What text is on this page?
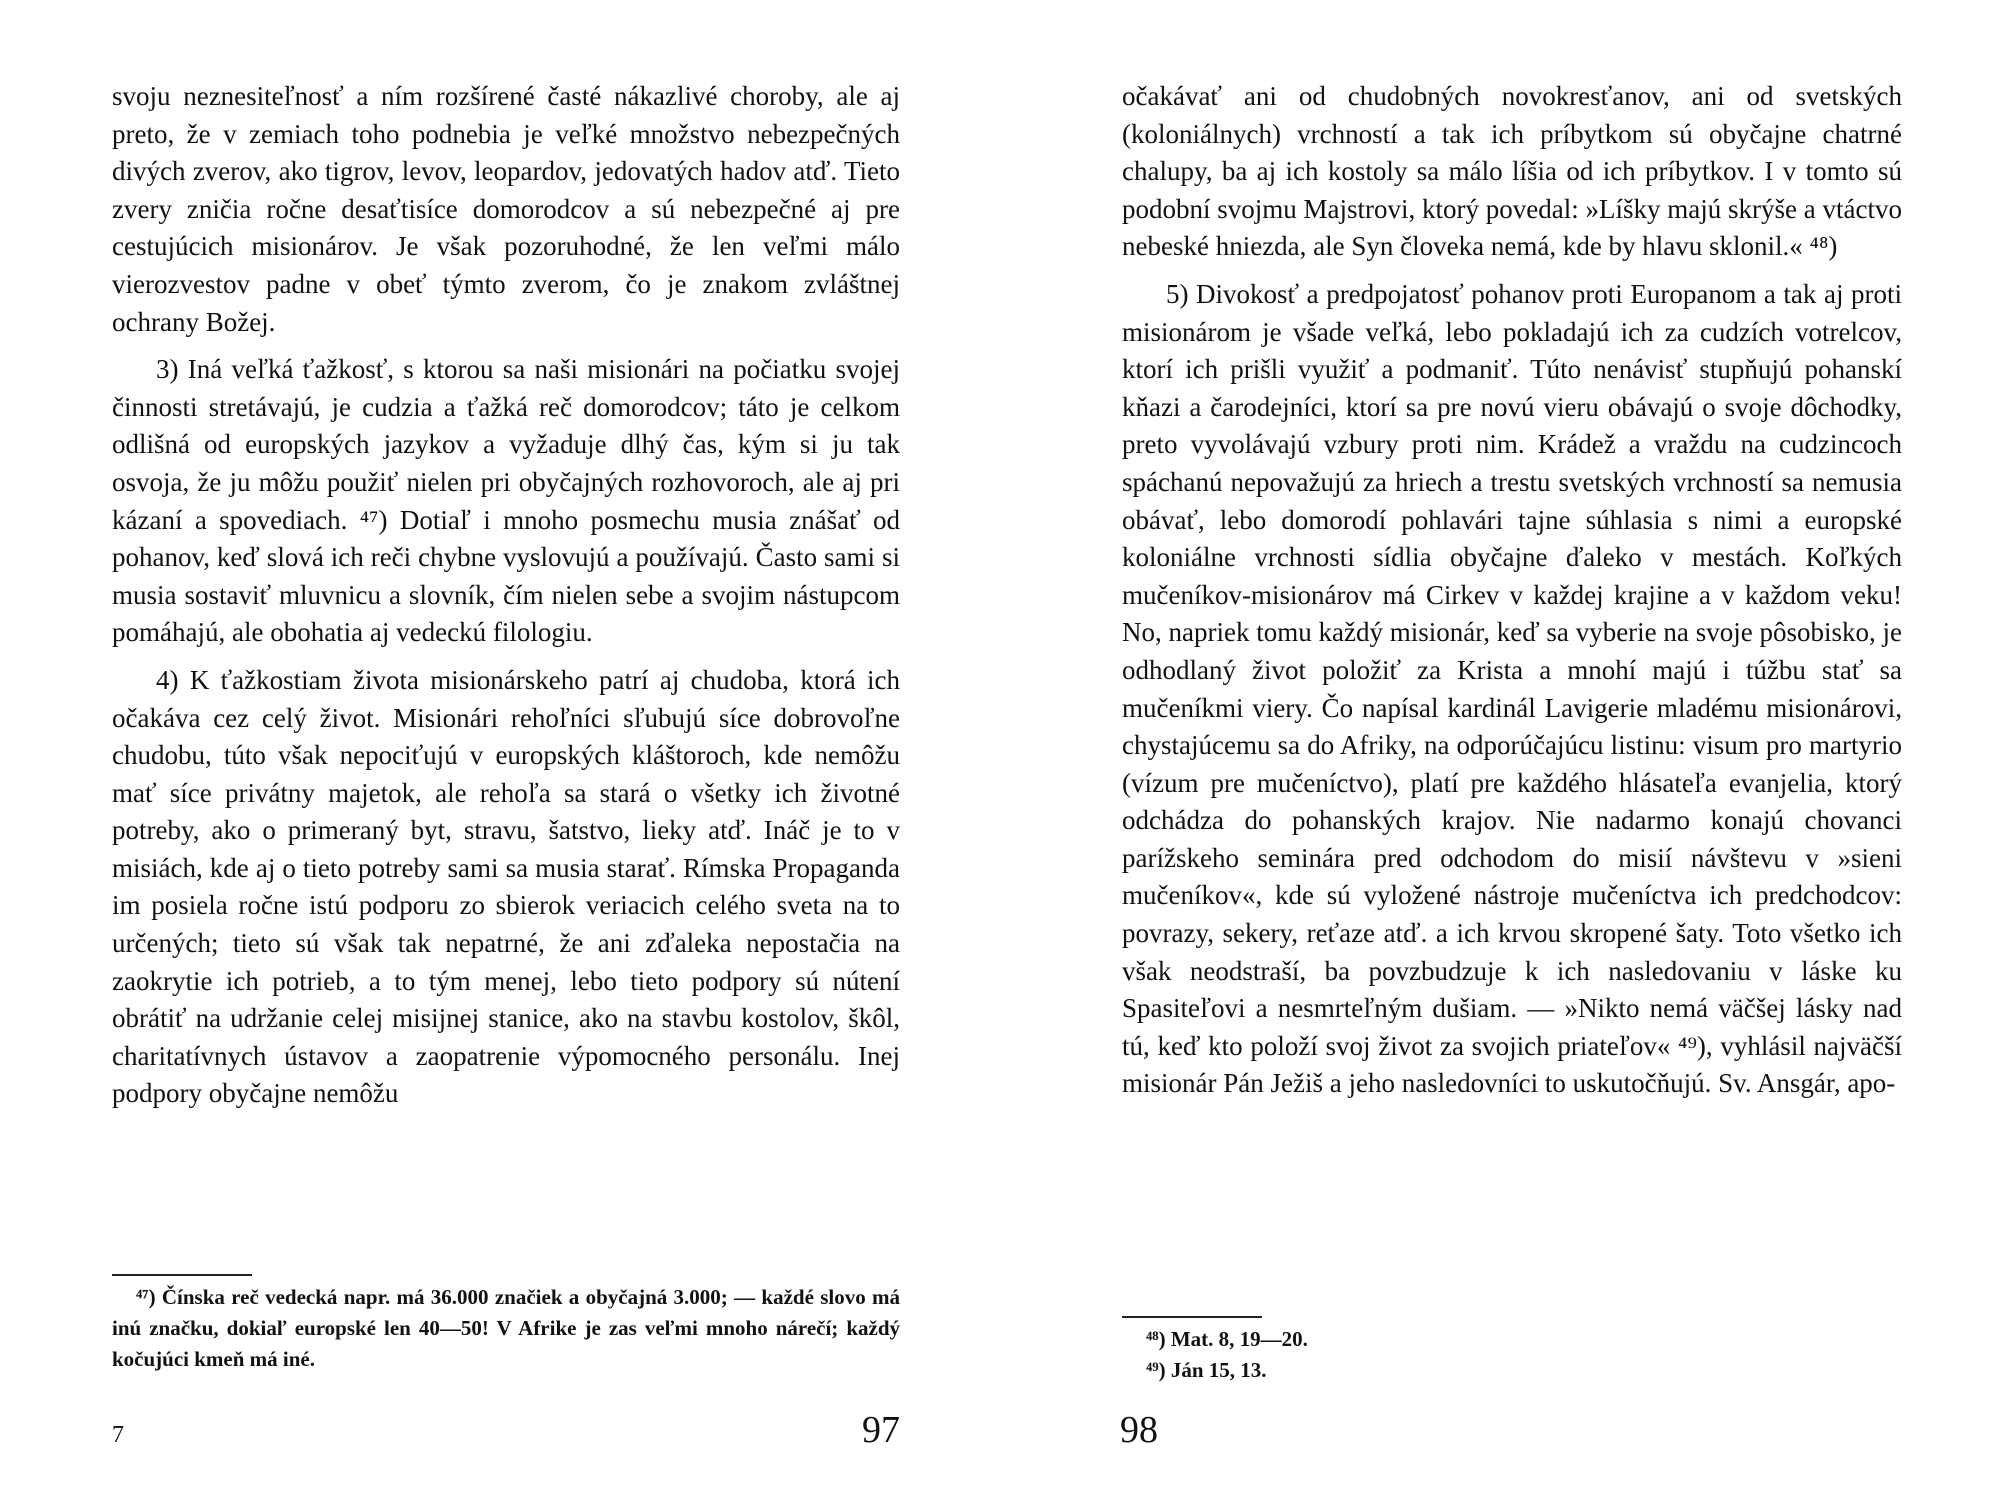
svoju neznesiteľnosť a ním rozšírené časté nákazlivé choroby, ale aj preto, že v zemiach toho podnebia je veľké množstvo nebezpečných divých zverov, ako tigrov, levov, leopardov, jedovatých hadov atď. Tieto zvery zničia ročne desaťtisíce domorodcov a sú nebezpečné aj pre cestujúcich misionárov. Je však pozoruhodné, že len veľmi málo vierozvestov padne v obeť týmto zverom, čo je znakom zvláštnej ochrany Božej.

3) Iná veľká ťažkosť, s ktorou sa naši misionári na počiatku svojej činnosti stretávajú, je cudzia a ťažká reč domorodcov; táto je celkom odlišná od europských jazykov a vyžaduje dlhý čas, kým si ju tak osvoja, že ju môžu použiť nielen pri obyčajných rozhovoroch, ale aj pri kázaní a spovediach. ⁴⁷) Dotiaľ i mnoho posmechu musia znášať od pohanov, keď slová ich reči chybne vyslovujú a používajú. Často sami si musia sostaviť mluvnicu a slovník, čím nielen sebe a svojim nástupcom pomáhajú, ale obohatia aj vedeckú filologiu.

4) K ťažkostiam života misionárskeho patrí aj chudoba, ktorá ich očakáva cez celý život. Misionári rehoľníci sľubujú síce dobrovoľne chudobu, túto však nepociťujú v europských kláštoroch, kde nemôžu mať síce privátny majetok, ale rehoľa sa stará o všetky ich životné potreby, ako o primeraný byt, stravu, šatstvo, lieky atď. Ináč je to v misiách, kde aj o tieto potreby sami sa musia starať. Rímska Propaganda im posiela ročne istú podporu zo sbierok veriacich celého sveta na to určených; tieto sú však tak nepatrné, že ani zďaleka nepostačia na zaokrytie ich potrieb, a to tým menej, lebo tieto podpory sú nútení obrátiť na udržanie celej misijnej stanice, ako na stavbu kostolov, škôl, charitatívnych ústavov a zaopatrenie výpomocného personálu. Inej podpory obyčajne nemôžu

⁴⁷) Čínska reč vedecká napr. má 36.000 značiek a obyčajná 3.000; — každé slovo má inú značku, dokiaľ europské len 40—50! V Afrike je zas veľmi mnoho nárečí; každý kočujúci kmeň má iné.

7	97

očakávať ani od chudobných novokresťanov, ani od svetských (koloniálnych) vrchností a tak ich príbytkom sú obyčajne chatrné chalupy, ba aj ich kostoly sa málo líšia od ich príbytkov. I v tomto sú podobní svojmu Majstrovi, ktorý povedal: »Líšky majú skrýše a vtáctvo nebeské hniezda, ale Syn človeka nemá, kde by hlavu sklonil.« ⁴⁸)

5) Divokosť a predpojatosť pohanov proti Europanom a tak aj proti misionárom je všade veľká, lebo pokladajú ich za cudzích votrelcov, ktorí ich prišli využiť a podmaniť. Túto nenávisť stupňujú pohanskí kňazi a čarodejníci, ktorí sa pre novú vieru obávajú o svoje dôchodky, preto vyvolávajú vzbury proti nim. Krádež a vraždu na cudzincoch spáchanú nepovažujú za hriech a trestu svetských vrchností sa nemusia obávať, lebo domorodí pohlavári tajne súhlasia s nimi a europské koloniálne vrchnosti sídlia obyčajne ďaleko v mestách. Koľkých mučeníkov-misionárov má Cirkev v každej krajine a v každom veku! No, napriek tomu každý misionár, keď sa vyberie na svoje pôsobisko, je odhodlaný život položiť za Krista a mnohí majú i túžbu stať sa mučeníkmi viery. Čo napísal kardinál Lavigerie mladému misionárovi, chystajúcemu sa do Afriky, na odporúčajúcu listinu: visum pro martyrio (vízum pre mučeníctvo), platí pre každého hlásateľa evanjelia, ktorý odchádza do pohanských krajov. Nie nadarmo konajú chovanci parížskeho seminára pred odchodom do misií návštevu v »sieni mučeníkov«, kde sú vyložené nástroje mučeníctva ich predchodcov: povrazy, sekery, reťaze atď. a ich krvou skropené šaty. Toto všetko ich však neodstraší, ba povzbudzuje k ich nasledovaniu v láske ku Spasiteľovi a nesmrteľným dušiam. — »Nikto nemá väčšej lásky nad tú, keď kto položí svoj život za svojich priateľov« ⁴⁹), vyhlásil najväčší misionár Pán Ježiš a jeho nasledovníci to uskutočňujú. Sv. Ansgár, apo-

⁴⁸) Mat. 8, 19—20.

⁴⁹) Ján 15, 13.

98
